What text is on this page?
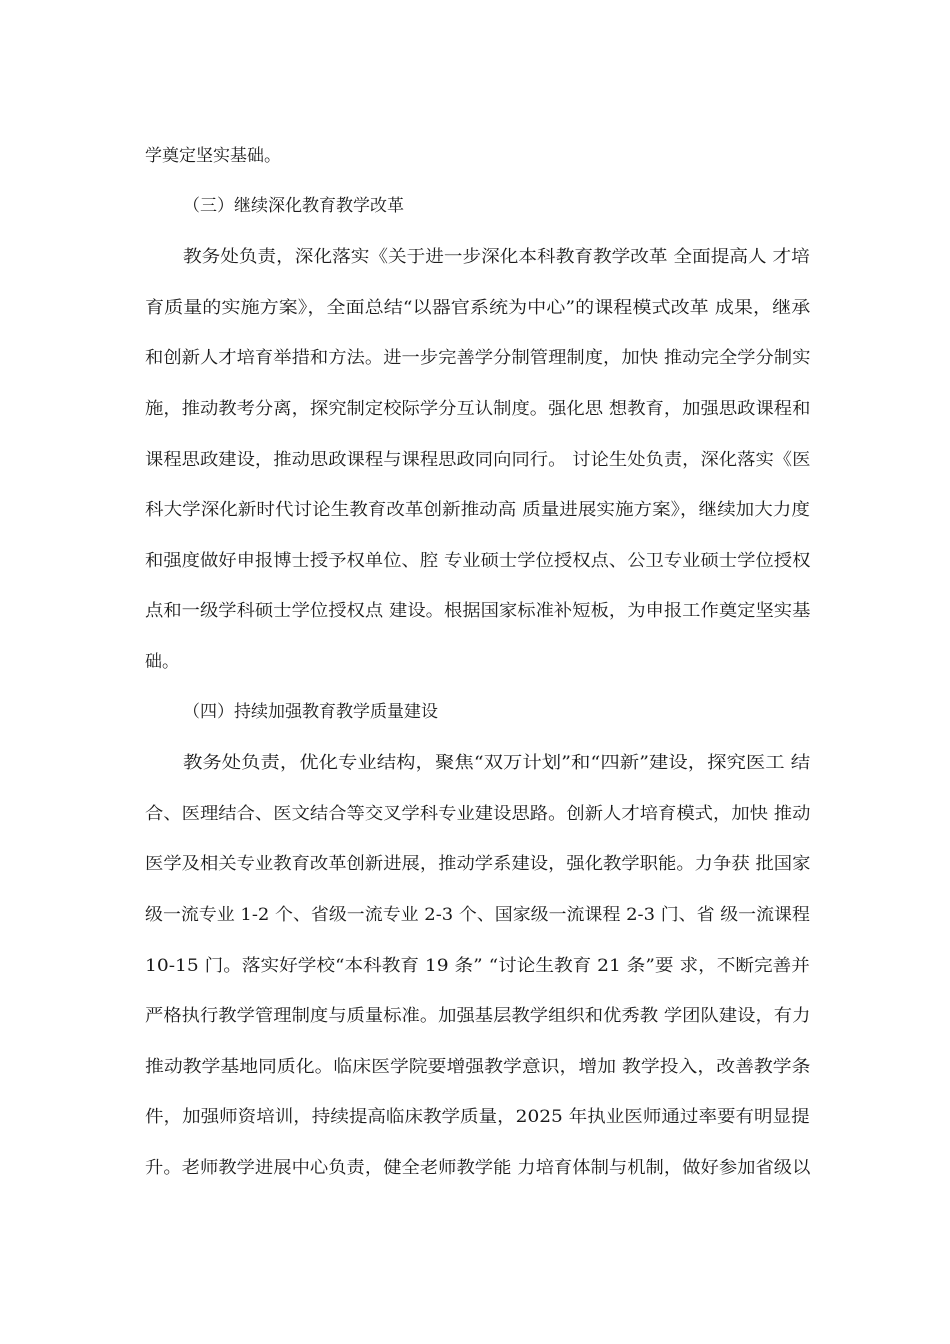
学奠定坚实基础。

（三）继续深化教育教学改革

教务处负责，深化落实《关于进一步深化本科教育教学改革 全面提高人 才培

育质量的实施方案》，全面总结“以器官系统为中心”的课程模式改革 成果，继承

和创新人才培育举措和方法。进一步完善学分制管理制度，加快 推动完全学分制实

施，推动教考分离，探究制定校际学分互认制度。强化思 想教育，加强思政课程和

课程思政建设，推动思政课程与课程思政同向同行。 讨论生处负责，深化落实《医

科大学深化新时代讨论生教育改革创新推动高 质量进展实施方案》，继续加大力度

和强度做好申报博士授予权单位、腔 专业硕士学位授权点、公卫专业硕士学位授权

点和一级学科硕士学位授权点 建设。根据国家标准补短板，为申报工作奠定坚实基

础。

（四）持续加强教育教学质量建设

教务处负责，优化专业结构，聚焦“双万计划”和“四新”建设，探究医工 结

合、医理结合、医文结合等交叉学科专业建设思路。创新人才培育模式，加快 推动

医学及相关专业教育改革创新进展，推动学系建设，强化教学职能。力争获 批国家

级一流专业 1-2 个、省级一流专业 2-3 个、国家级一流课程 2-3 门、省 级一流课程

10-15 门。落实好学校“本科教育 19 条” “讨论生教育 21 条”要 求，不断完善并

严格执行教学管理制度与质量标准。加强基层教学组织和优秀教 学团队建设，有力

推动教学基地同质化。临床医学院要增强教学意识，增加 教学投入，改善教学条

件，加强师资培训，持续提高临床教学质量，2025 年执业医师通过率要有明显提

升。老师教学进展中心负责，健全老师教学能 力培育体制与机制，做好参加省级以
